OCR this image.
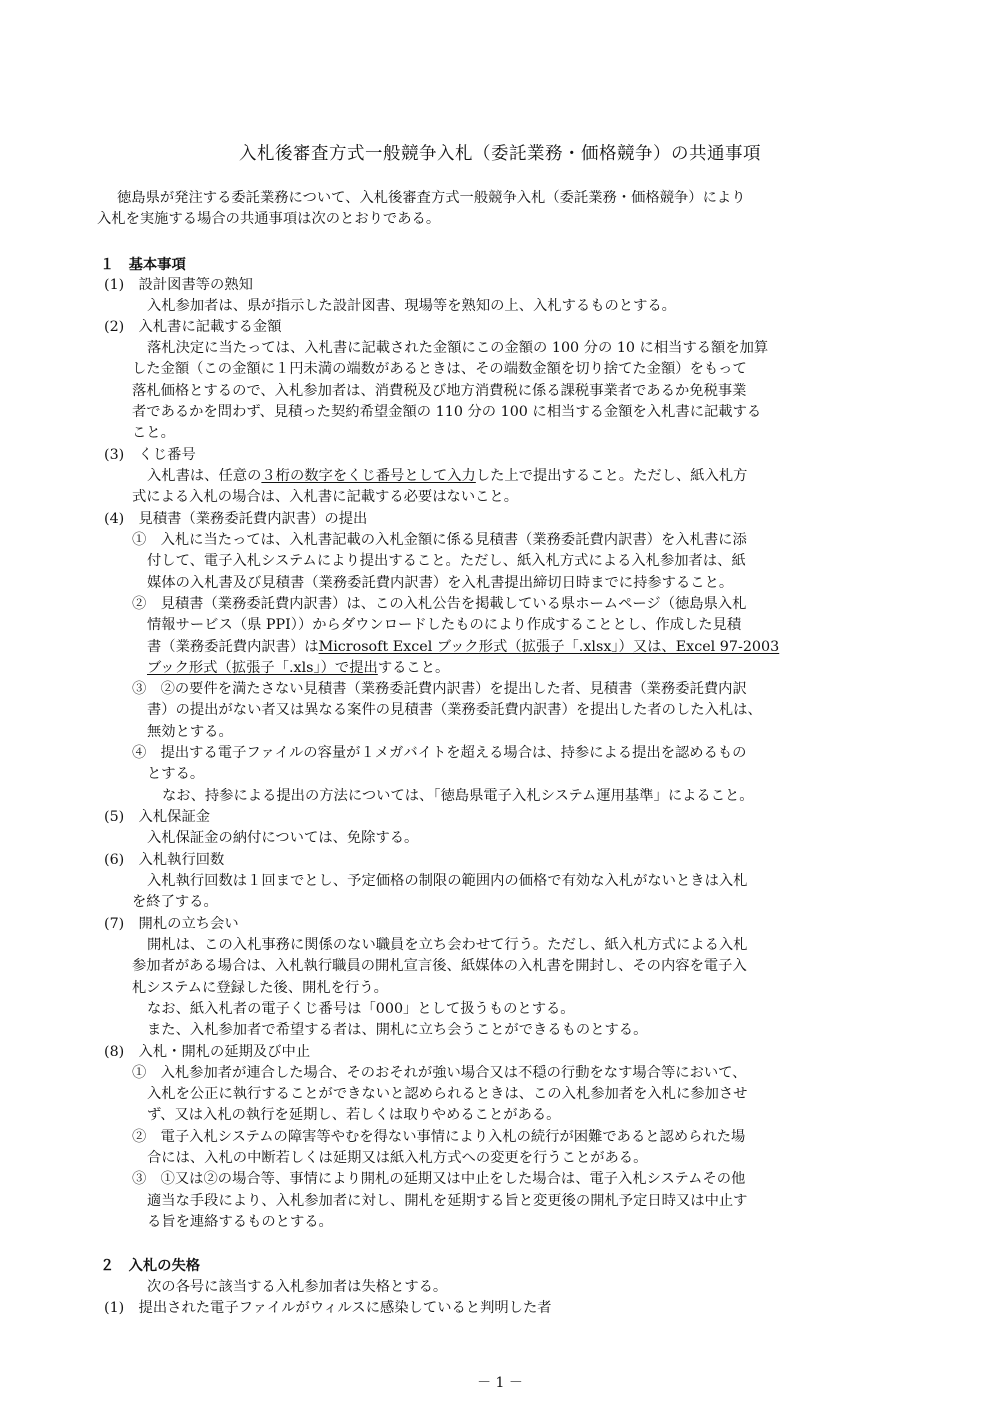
入札後審査方式一般競争入札（委託業務・価格競争）の共通事項
徳島県が発注する委託業務について、入札後審査方式一般競争入札（委託業務・価格競争）により
入札を実施する場合の共通事項は次のとおりである。
１　基本事項
(1)　設計図書等の熟知
入札参加者は、県が指示した設計図書、現場等を熟知の上、入札するものとする。
(2)　入札書に記載する金額
落札決定に当たっては、入札書に記載された金額にこの金額の 100 分の 10 に相当する額を加算
した金額（この金額に１円未満の端数があるときは、その端数金額を切り捨てた金額）をもって
落札価格とするので、入札参加者は、消費税及び地方消費税に係る課税事業者であるか免税事業
者であるかを問わず、見積った契約希望金額の 110 分の 100 に相当する金額を入札書に記載する
こと。
(3)　くじ番号
入札書は、任意の３桁の数字をくじ番号として入力した上で提出すること。ただし、紙入札方
式による入札の場合は、入札書に記載する必要はないこと。
(4)　見積書（業務委託費内訳書）の提出
①　入札に当たっては、入札書記載の入札金額に係る見積書（業務委託費内訳書）を入札書に添
付して、電子入札システムにより提出すること。ただし、紙入札方式による入札参加者は、紙
媒体の入札書及び見積書（業務委託費内訳書）を入札書提出締切日時までに持参すること。
②　見積書（業務委託費内訳書）は、この入札公告を掲載している県ホームページ（徳島県入札
情報サービス（県 PPI））からダウンロードしたものにより作成することとし、作成した見積
書（業務委託費内訳書）はMicrosoft Excel ブック形式（拡張子「.xlsx」）又は、Excel 97-2003
ブック形式（拡張子「.xls」）で提出すること。
③　②の要件を満たさない見積書（業務委託費内訳書）を提出した者、見積書（業務委託費内訳
書）の提出がない者又は異なる案件の見積書（業務委託費内訳書）を提出した者のした入札は、
無効とする。
④　提出する電子ファイルの容量が１メガバイトを超える場合は、持参による提出を認めるもの
とする。
なお、持参による提出の方法については、「徳島県電子入札システム運用基準」によること。
(5)　入札保証金
入札保証金の納付については、免除する。
(6)　入札執行回数
入札執行回数は１回までとし、予定価格の制限の範囲内の価格で有効な入札がないときは入札
を終了する。
(7)　開札の立ち会い
開札は、この入札事務に関係のない職員を立ち会わせて行う。ただし、紙入札方式による入札
参加者がある場合は、入札執行職員の開札宣言後、紙媒体の入札書を開封し、その内容を電子入
札システムに登録した後、開札を行う。
なお、紙入札者の電子くじ番号は「000」として扱うものとする。
また、入札参加者で希望する者は、開札に立ち会うことができるものとする。
(8)　入札・開札の延期及び中止
①　入札参加者が連合した場合、そのおそれが強い場合又は不穏の行動をなす場合等において、
入札を公正に執行することができないと認められるときは、この入札参加者を入札に参加させ
ず、又は入札の執行を延期し、若しくは取りやめることがある。
②　電子入札システムの障害等やむを得ない事情により入札の続行が困難であると認められた場
合には、入札の中断若しくは延期又は紙入札方式への変更を行うことがある。
③　①又は②の場合等、事情により開札の延期又は中止をした場合は、電子入札システムその他
適当な手段により、入札参加者に対し、開札を延期する旨と変更後の開札予定日時又は中止す
る旨を連絡するものとする。
２　入札の失格
次の各号に該当する入札参加者は失格とする。
(1)　提出された電子ファイルがウィルスに感染していると判明した者
－ 1 －
